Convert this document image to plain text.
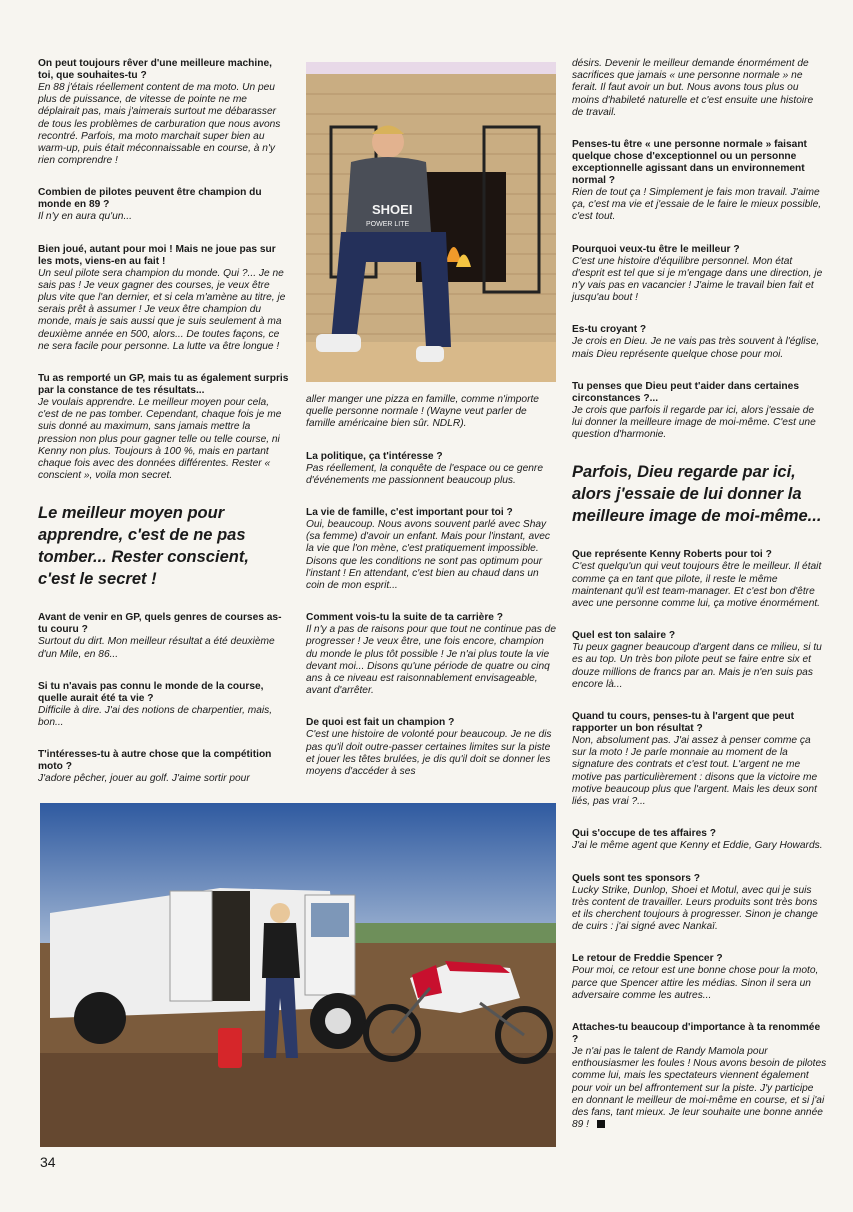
On peut toujours rêver d'une meilleure machine, toi, que souhaites-tu ?

En 88 j'étais réellement content de ma moto. Un peu plus de puissance, de vitesse de pointe ne me déplairait pas, mais j'aimerais surtout me débarasser de tous les problèmes de carburation que nous avons recontré. Parfois, ma moto marchait super bien au warm-up, puis était méconnaissable en course, à n'y rien comprendre !

Combien de pilotes peuvent être champion du monde en 89 ?

Il n'y en aura qu'un...

Bien joué, autant pour moi ! Mais ne joue pas sur les mots, viens-en au fait !

Un seul pilote sera champion du monde. Qui ?... Je ne sais pas ! Je veux gagner des courses, je veux être plus vite que l'an dernier, et si cela m'amène au titre, je serais prêt à assumer ! Je veux être champion du monde, mais je sais aussi que je suis seulement à ma deuxième année en 500, alors... De toutes façons, ce ne sera facile pour personne. La lutte va être longue !

Tu as remporté un GP, mais tu as également surpris par la constance de tes résultats...

Je voulais apprendre. Le meilleur moyen pour cela, c'est de ne pas tomber. Cependant, chaque fois je me suis donné au maximum, sans jamais mettre la pression non plus pour gagner telle ou telle course, ni Kenny non plus. Toujours à 100 %, mais en partant chaque fois avec des données différentes. Rester « conscient », voila mon secret.

Le meilleur moyen pour apprendre, c'est de ne pas tomber... Rester conscient, c'est le secret !

Avant de venir en GP, quels genres de courses as-tu couru ?

Surtout du dirt. Mon meilleur résultat a été deuxième d'un Mile, en 86...

Si tu n'avais pas connu le monde de la course, quelle aurait été ta vie ?

Difficile à dire. J'ai des notions de charpentier, mais, bon...

T'intéresses-tu à autre chose que la compétition moto ?

J'adore pêcher, jouer au golf. J'aime sortir pour

SHOEI
POWER LITE

aller manger une pizza en famille, comme n'importe quelle personne normale ! (Wayne veut parler de famille américaine bien sûr. NDLR).

La politique, ça t'intéresse ?

Pas réellement, la conquête de l'espace ou ce genre d'événements me passionnent beaucoup plus.

La vie de famille, c'est important pour toi ?

Oui, beaucoup. Nous avons souvent parlé avec Shay (sa femme) d'avoir un enfant. Mais pour l'instant, avec la vie que l'on mène, c'est pratiquement impossible. Disons que les conditions ne sont pas optimum pour l'instant ! En attendant, c'est bien au chaud dans un coin de mon esprit...

Comment vois-tu la suite de ta carrière ?

Il n'y a pas de raisons pour que tout ne continue pas de progresser ! Je veux être, une fois encore, champion du monde le plus tôt possible ! Je n'ai plus toute la vie devant moi... Disons qu'une période de quatre ou cinq ans à ce niveau est raisonnablement envisageable, avant d'arrêter.

De quoi est fait un champion ?

C'est une histoire de volonté pour beaucoup. Je ne dis pas qu'il doit outre-passer certaines limites sur la piste et jouer les têtes brulées, je dis qu'il doit se donner les moyens d'accéder à ses

désirs. Devenir le meilleur demande énormément de sacrifices que jamais « une personne normale » ne ferait. Il faut avoir un but. Nous avons tous plus ou moins d'habileté naturelle et c'est ensuite une histoire de travail.

Penses-tu être « une personne normale » faisant quelque chose d'exceptionnel ou un personne exceptionnelle agissant dans un environnement normal ?

Rien de tout ça ! Simplement je fais mon travail. J'aime ça, c'est ma vie et j'essaie de le faire le mieux possible, c'est tout.

Pourquoi veux-tu être le meilleur ?

C'est une histoire d'équilibre personnel. Mon état d'esprit est tel que si je m'engage dans une direction, je n'y vais pas en vacancier ! J'aime le travail bien fait et jusqu'au bout !

Es-tu croyant ?

Je crois en Dieu. Je ne vais pas très souvent à l'église, mais Dieu représente quelque chose pour moi.

Tu penses que Dieu peut t'aider dans certaines circonstances ?...

Je crois que parfois il regarde par ici, alors j'essaie de lui donner la meilleure image de moi-même. C'est une question d'harmonie.

Parfois, Dieu regarde par ici, alors j'essaie de lui donner la meilleure image de moi-même...

Que représente Kenny Roberts pour toi ?

C'est quelqu'un qui veut toujours être le meilleur. Il était comme ça en tant que pilote, il reste le même maintenant qu'il est team-manager. Et c'est bon d'être avec une personne comme lui, ça motive énormément.

Quel est ton salaire ?

Tu peux gagner beaucoup d'argent dans ce milieu, si tu es au top. Un très bon pilote peut se faire entre six et douze millions de francs par an. Mais je n'en suis pas encore là...

Quand tu cours, penses-tu à l'argent que peut rapporter un bon résultat ?

Non, absolument pas. J'ai assez à penser comme ça sur la moto ! Je parle monnaie au moment de la signature des contrats et c'est tout. L'argent ne me motive pas particulièrement : disons que la victoire me motive beaucoup plus que l'argent. Mais les deux sont liés, pas vrai ?...

Qui s'occupe de tes affaires ?

J'ai le même agent que Kenny et Eddie, Gary Howards.

Quels sont tes sponsors ?

Lucky Strike, Dunlop, Shoei et Motul, avec qui je suis très content de travailler. Leurs produits sont très bons et ils cherchent toujours à progresser. Sinon je change de cuirs : j'ai signé avec Nankaï.

Le retour de Freddie Spencer ?

Pour moi, ce retour est une bonne chose pour la moto, parce que Spencer attire les médias. Sinon il sera un adversaire comme les autres...

Attaches-tu beaucoup d'importance à ta renommée ?

Je n'ai pas le talent de Randy Mamola pour enthousiasmer les foules ! Nous avons besoin de pilotes comme lui, mais les spectateurs viennent également pour voir un bel affrontement sur la piste. J'y participe en donnant le meilleur de moi-même en course, et si j'ai des fans, tant mieux. Je leur souhaite une bonne année 89 !

34
